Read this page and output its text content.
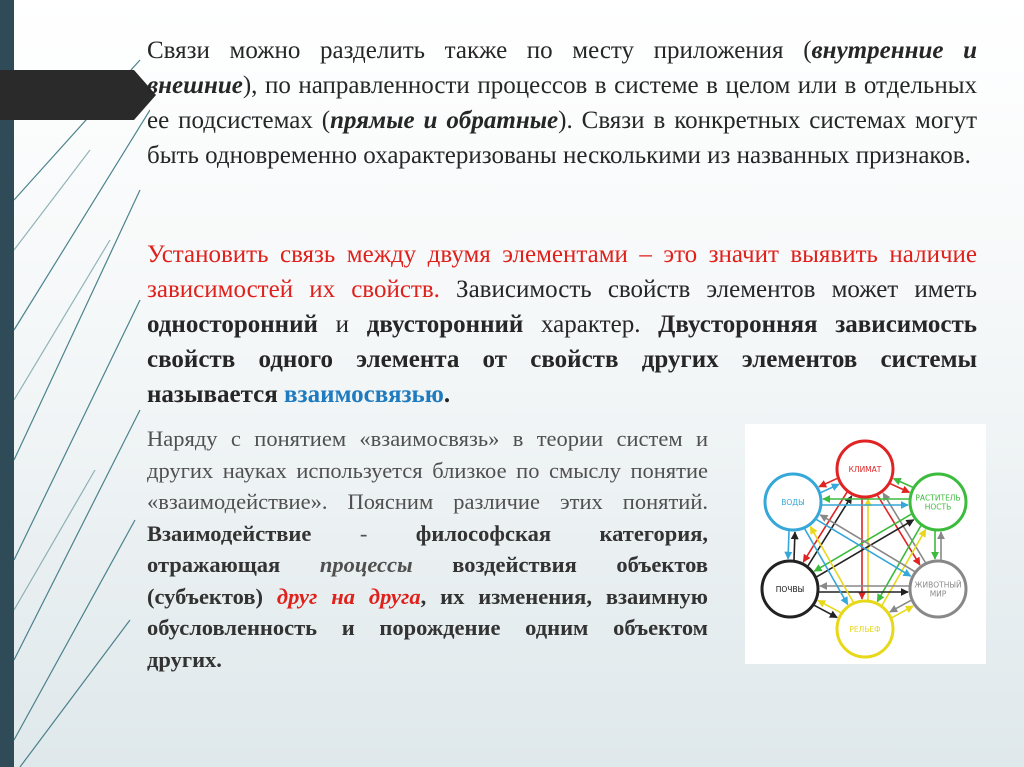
Связи можно разделить также по месту приложения (внутренние и внешние), по направленности процессов в системе в целом или в отдельных ее подсистемах (прямые и обратные). Связи в конкретных системах могут быть одновременно охарактеризованы несколькими из названных признаков.

Установить связь между двумя элементами – это значит выявить наличие зависимостей их свойств. Зависимость свойств элементов может иметь односторонний и двусторонний характер. Двусторонняя зависимость свойств одного элемента от свойств других элементов системы называется взаимосвязью.

Наряду с понятием «взаимосвязь» в теории систем и других науках используется близкое по смыслу понятие «взаимодействие». Поясним различие этих понятий. Взаимодействие - философская категория, отражающая процессы воздействия объектов (субъектов) друг на друга, их изменения, взаимную обусловленность и порождение одним объектом других.

КЛИМАТ
РАСТИТЕЛЬ
НОСТЬ
ЖИВОТНЫЙ
МИР
РЕЛЬЕФ
ПОЧВЫ
ВОДЫ
